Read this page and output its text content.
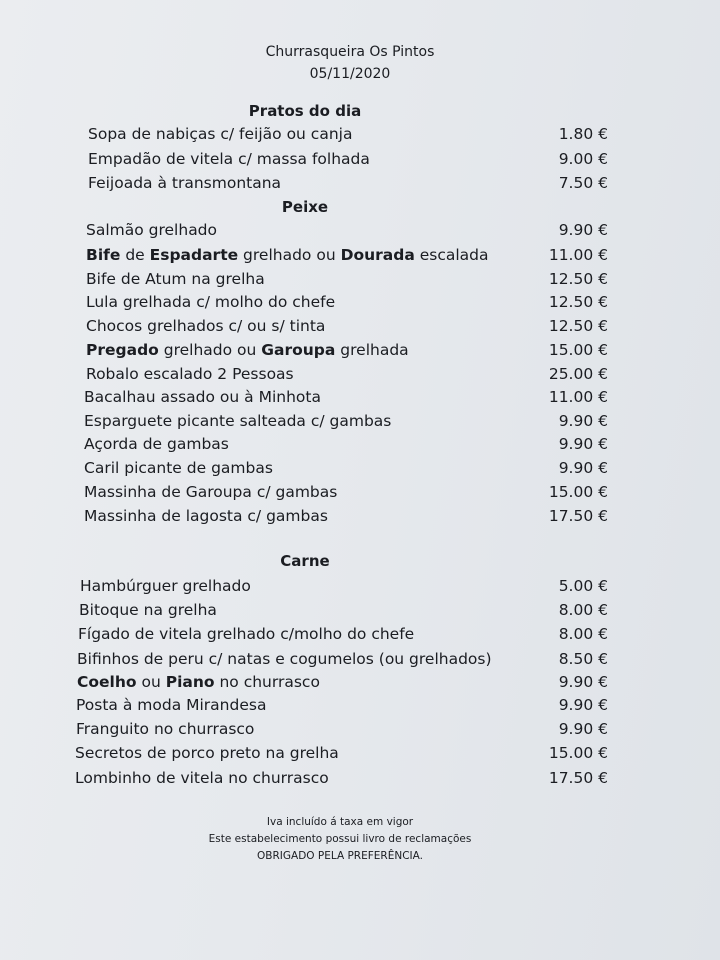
Churrasqueira Os Pintos
05/11/2020
Pratos do dia
Sopa de nabiças c/ feijão ou canja	1.80 €
Empadão de vitela c/ massa folhada	9.00 €
Feijoada à transmontana	7.50 €
Peixe
Salmão grelhado	9.90 €
Bife de Espadarte grelhado ou Dourada escalada	11.00 €
Bife de Atum na grelha	12.50 €
Lula grelhada c/ molho do chefe	12.50 €
Chocos grelhados c/ ou s/ tinta	12.50 €
Pregado grelhado ou Garoupa grelhada	15.00 €
Robalo escalado 2 Pessoas	25.00 €
Bacalhau assado ou à Minhota	11.00 €
Esparguete picante salteada c/ gambas	9.90 €
Açorda de gambas	9.90 €
Caril picante de gambas	9.90 €
Massinha de Garoupa c/ gambas	15.00 €
Massinha de lagosta c/ gambas	17.50 €
Carne
Hambúrguer grelhado	5.00 €
Bitoque na grelha	8.00 €
Fígado de vitela grelhado c/molho do chefe	8.00 €
Bifinhos de peru c/ natas e cogumelos (ou grelhados)	8.50 €
Coelho ou Piano no churrasco	9.90 €
Posta à moda Mirandesa	9.90 €
Franguito no churrasco	9.90 €
Secretos de porco preto na grelha	15.00 €
Lombinho de vitela no churrasco	17.50 €
Iva incluído á taxa em vigor
Este estabelecimento possui livro de reclamações
OBRIGADO PELA PREFERÊNCIA.
